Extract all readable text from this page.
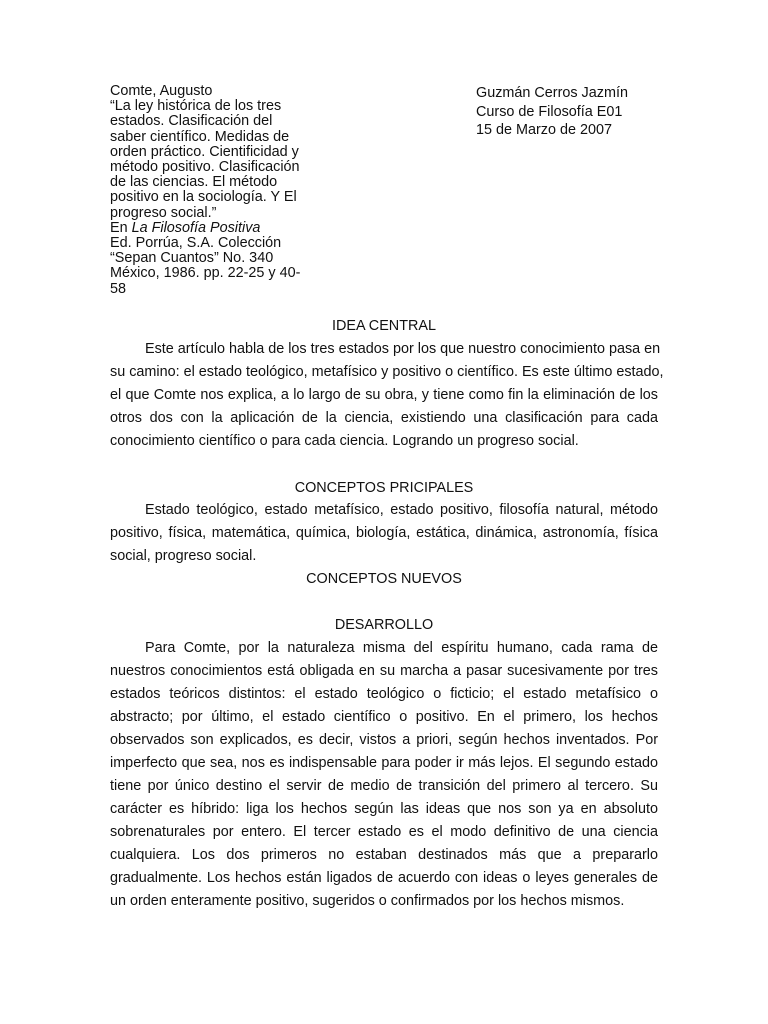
Comte, Augusto
“La ley histórica de los tres
estados. Clasificación del
saber científico. Medidas de
orden práctico. Cientificidad y
método positivo. Clasificación
de las ciencias. El método
positivo en la sociología. Y El
progreso social.”
En La Filosofía Positiva
Ed. Porrúa, S.A. Colección
“Sepan Cuantos” No. 340
México, 1986. pp. 22-25 y 40-
58
Guzmán Cerros Jazmín
Curso de Filosofía E01
15 de Marzo de 2007
IDEA CENTRAL
Este artículo habla de los tres estados por los que nuestro conocimiento pasa en
su camino: el estado teológico, metafísico y positivo o científico. Es este último estado,
el que Comte nos explica, a lo largo de su obra, y tiene como fin la eliminación de los
otros dos con la aplicación de la ciencia, existiendo una clasificación para cada
conocimiento científico o para cada ciencia. Logrando un progreso social.
CONCEPTOS PRICIPALES
Estado teológico, estado metafísico, estado positivo, filosofía natural, método
positivo, física, matemática, química, biología, estática, dinámica, astronomía, física
social, progreso social.
CONCEPTOS NUEVOS
DESARROLLO
Para Comte, por la naturaleza misma del espíritu humano, cada rama de
nuestros conocimientos está obligada en su marcha a pasar sucesivamente por tres
estados teóricos distintos: el estado teológico o ficticio; el estado metafísico o
abstracto; por último, el estado científico o positivo. En el primero, los hechos
observados son explicados, es decir, vistos a priori, según hechos inventados. Por
imperfecto que sea, nos es indispensable para poder ir más lejos. El segundo estado
tiene por único destino el servir de medio de transición del primero al tercero. Su
carácter es híbrido: liga los hechos según las ideas que nos son ya en absoluto
sobrenaturales por entero. El tercer estado es el modo definitivo de una ciencia
cualquiera. Los dos primeros no estaban destinados más que a prepararlo
gradualmente. Los hechos están ligados de acuerdo con ideas o leyes generales de
un orden enteramente positivo, sugeridos o confirmados por los hechos mismos.
